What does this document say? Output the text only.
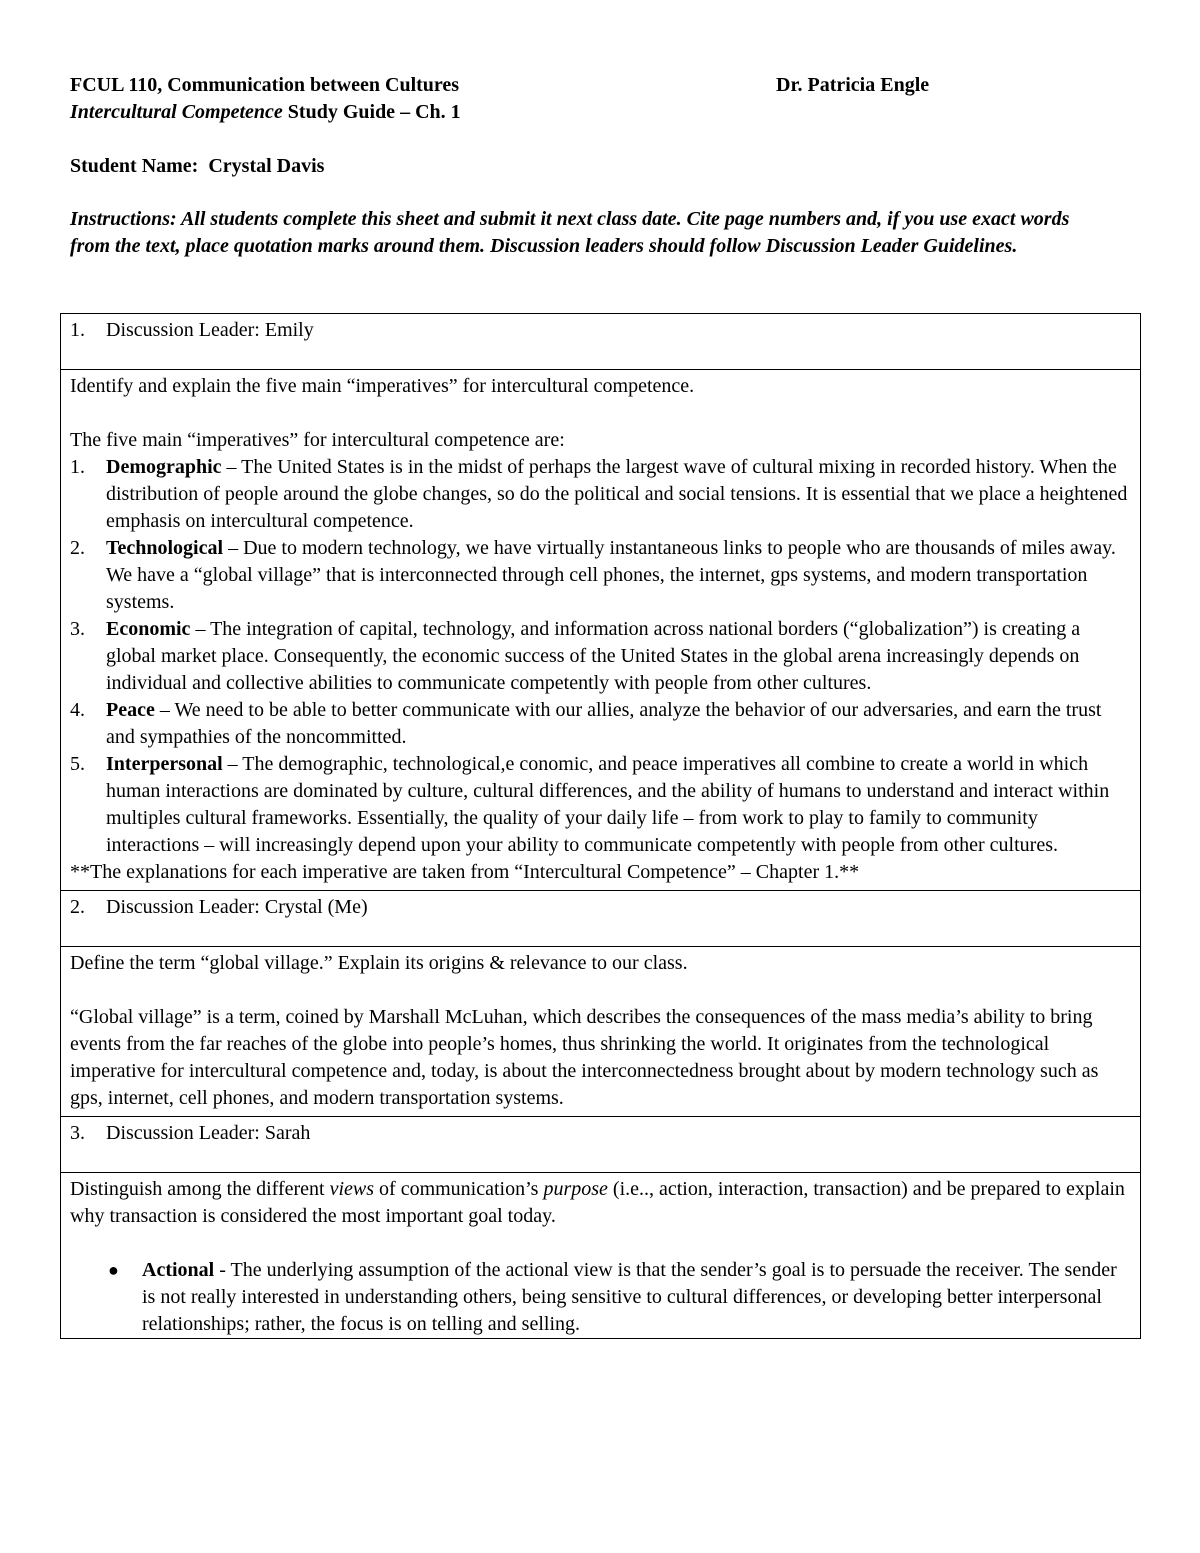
FCUL 110, Communication between Cultures	Dr. Patricia Engle
Intercultural Competence Study Guide – Ch. 1
Student Name: Crystal Davis
Instructions: All students complete this sheet and submit it next class date. Cite page numbers and, if you use exact words from the text, place quotation marks around them. Discussion leaders should follow Discussion Leader Guidelines.
1. Discussion Leader: Emily

Identify and explain the five main “imperatives” for intercultural competence.

The five main “imperatives” for intercultural competence are:

1. Demographic – The United States is in the midst of perhaps the largest wave of cultural mixing in recorded history. When the distribution of people around the globe changes, so do the political and social tensions. It is essential that we place a heightened emphasis on intercultural competence.
2. Technological – Due to modern technology, we have virtually instantaneous links to people who are thousands of miles away. We have a “global village” that is interconnected through cell phones, the internet, gps systems, and modern transportation systems.
3. Economic – The integration of capital, technology, and information across national borders (“globalization”) is creating a global market place. Consequently, the economic success of the United States in the global arena increasingly depends on individual and collective abilities to communicate competently with people from other cultures.
4. Peace – We need to be able to better communicate with our allies, analyze the behavior of our adversaries, and earn the trust and sympathies of the noncommitted.
5. Interpersonal – The demographic, technological,e conomic, and peace imperatives all combine to create a world in which human interactions are dominated by culture, cultural differences, and the ability of humans to understand and interact within multiples cultural frameworks. Essentially, the quality of your daily life – from work to play to family to community interactions – will increasingly depend upon your ability to communicate competently with people from other cultures.

**The explanations for each imperative are taken from “Intercultural Competence” – Chapter 1.**

2. Discussion Leader: Crystal (Me)

Define the term “global village.” Explain its origins & relevance to our class.

“Global village” is a term, coined by Marshall McLuhan, which describes the consequences of the mass media’s ability to bring events from the far reaches of the globe into people’s homes, thus shrinking the world. It originates from the technological imperative for intercultural competence and, today, is about the interconnectedness brought about by modern technology such as gps, internet, cell phones, and modern transportation systems.

3. Discussion Leader: Sarah

Distinguish among the different views of communication’s purpose (i.e.., action, interaction, transaction) and be prepared to explain why transaction is considered the most important goal today.

● Actional - The underlying assumption of the actional view is that the sender’s goal is to persuade the receiver. The sender is not really interested in understanding others, being sensitive to cultural differences, or developing better interpersonal relationships; rather, the focus is on telling and selling.
